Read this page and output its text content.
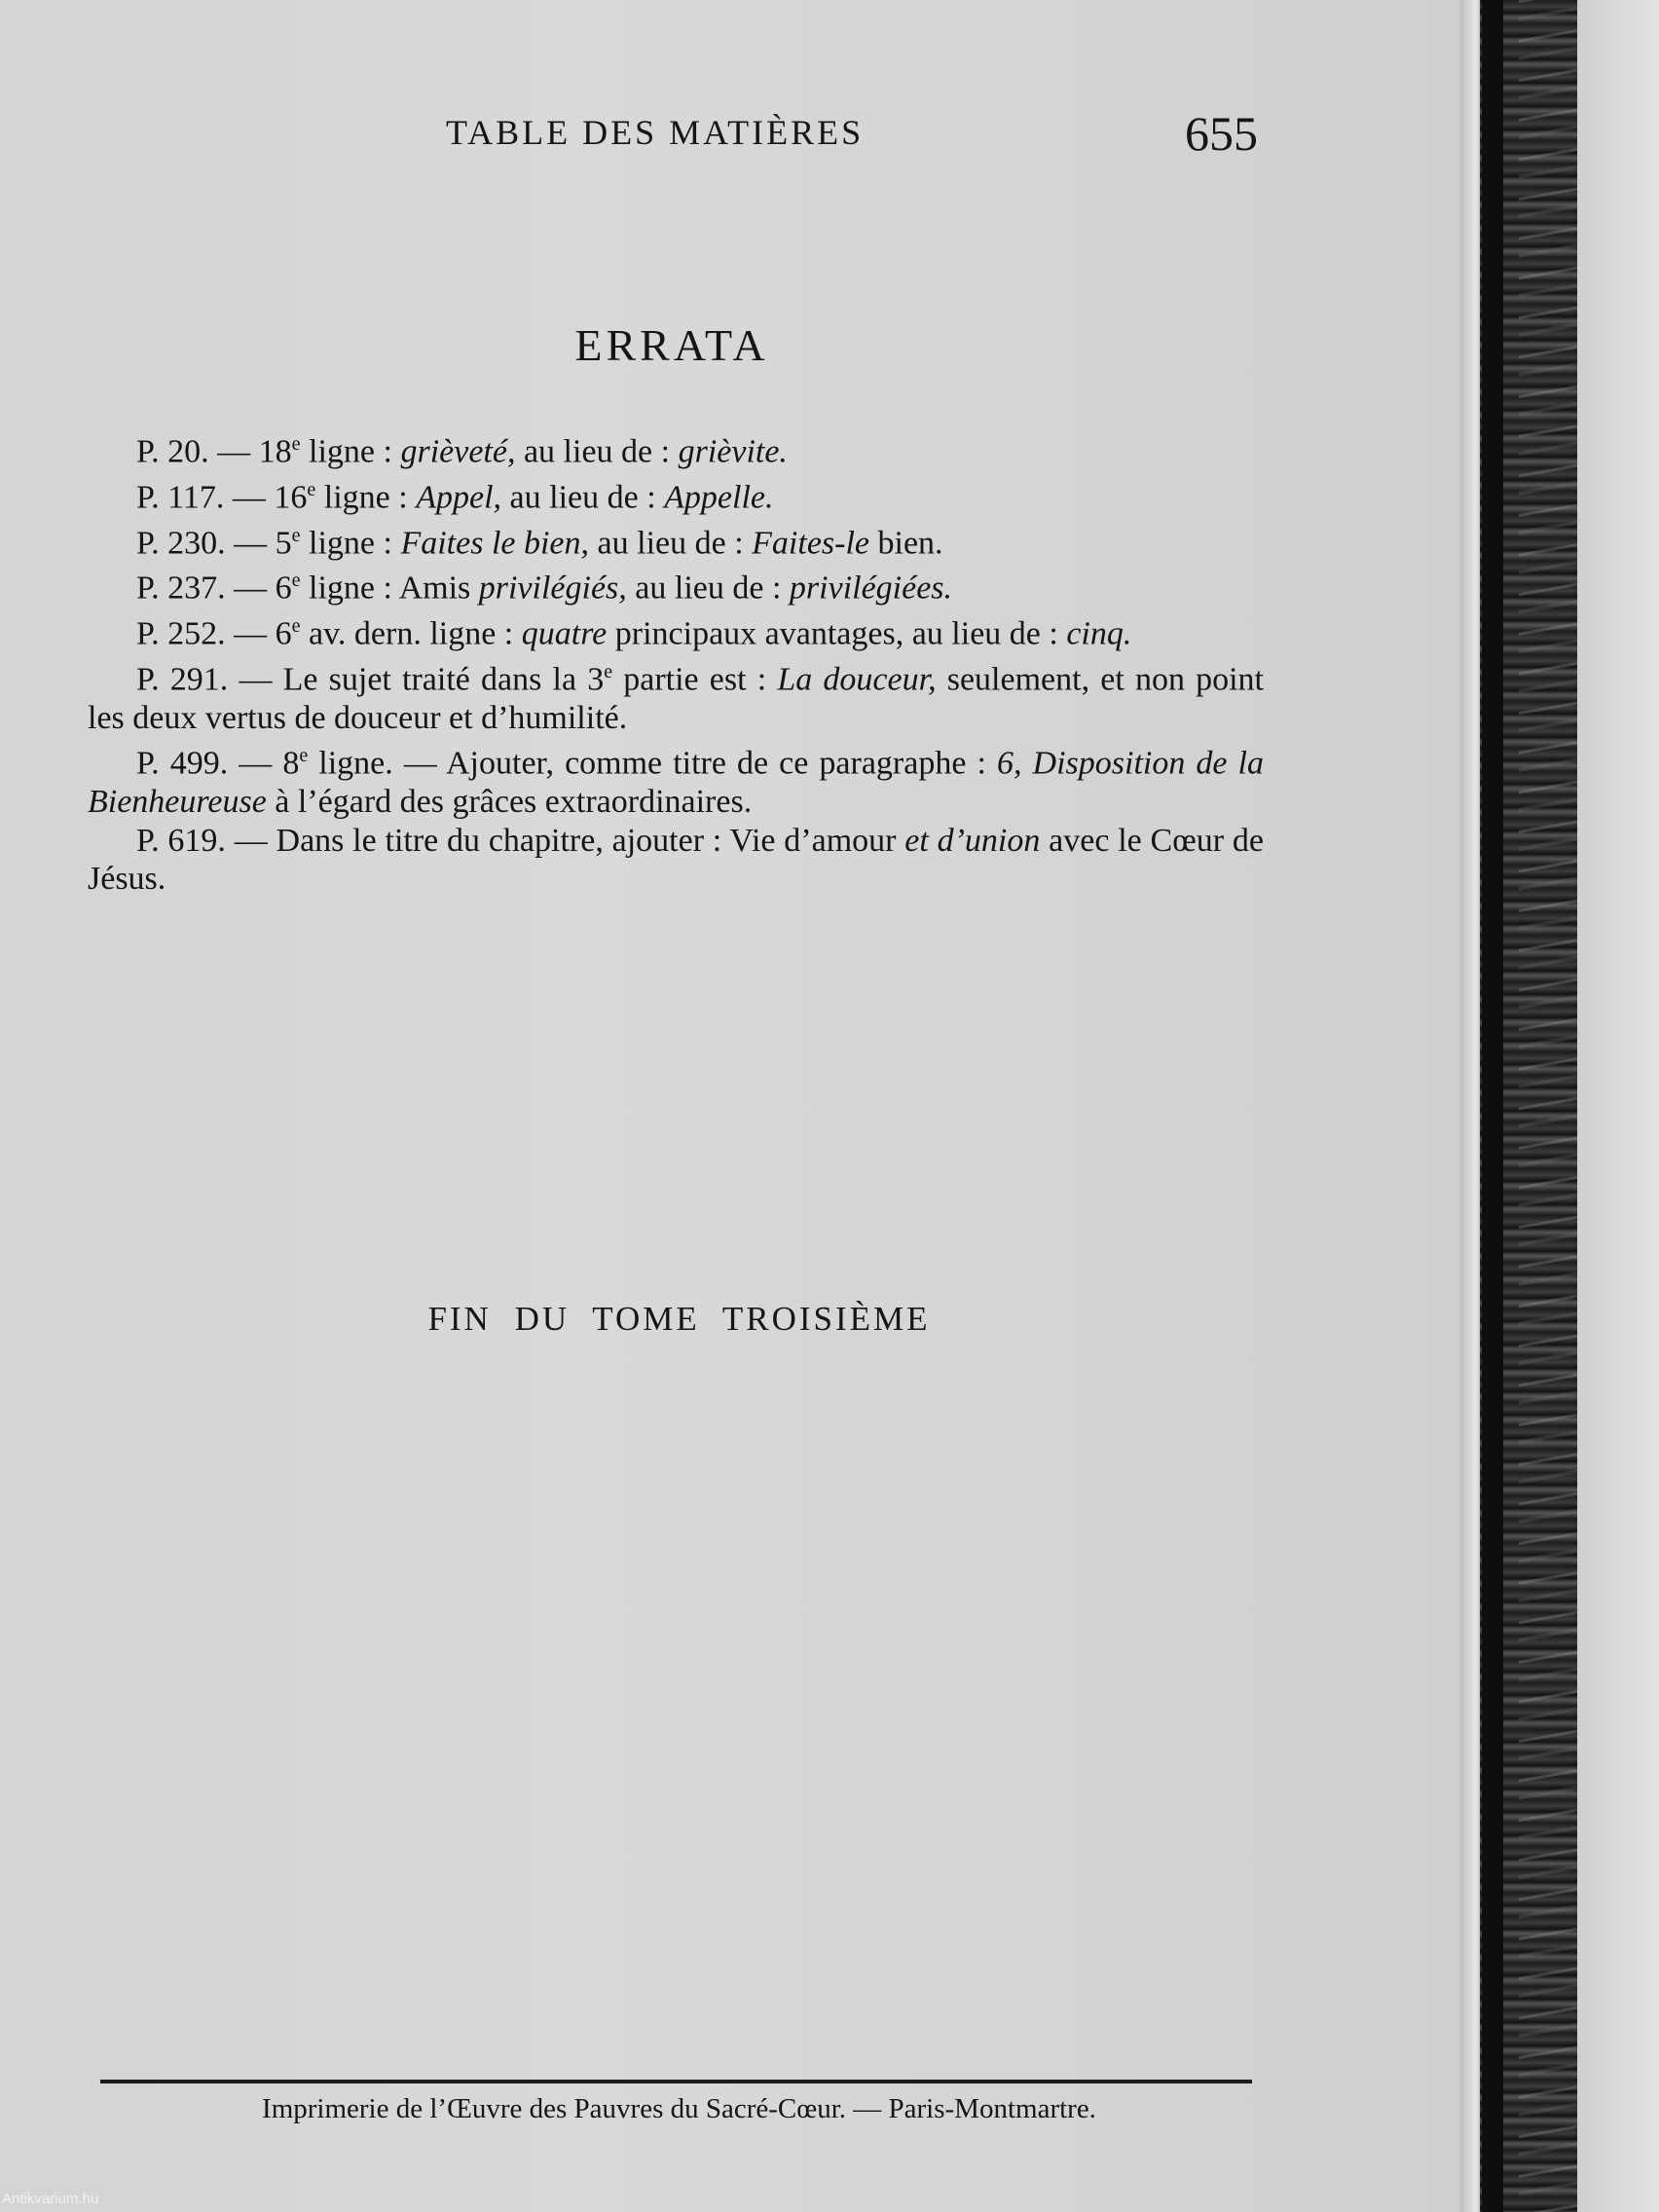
TABLE DES MATIÈRES	655
ERRATA

P. 20. — 18e ligne : grièveté, au lieu de : grièvite.

P. 117. — 16e ligne : Appel, au lieu de : Appelle.

P. 230. — 5e ligne : Faites le bien, au lieu de : Faites-le bien.

P. 237. — 6e ligne : Amis privilégiés, au lieu de : privilégiées.

P. 252. — 6e av. dern. ligne : quatre principaux avantages, au lieu de : cinq.

P. 291. — Le sujet traité dans la 3e partie est : La douceur, seulement, et non point les deux vertus de douceur et d’humilité.

P. 499. — 8e ligne. — Ajouter, comme titre de ce paragraphe : 6, Disposition de la Bienheureuse à l’égard des grâces extraordinaires.

P. 619. — Dans le titre du chapitre, ajouter : Vie d’amour et d’union avec le Cœur de Jésus.

FIN DU TOME TROISIÈME
Imprimerie de l’Œuvre des Pauvres du Sacré-Cœur. — Paris-Montmartre.
Antikvarium.hu
